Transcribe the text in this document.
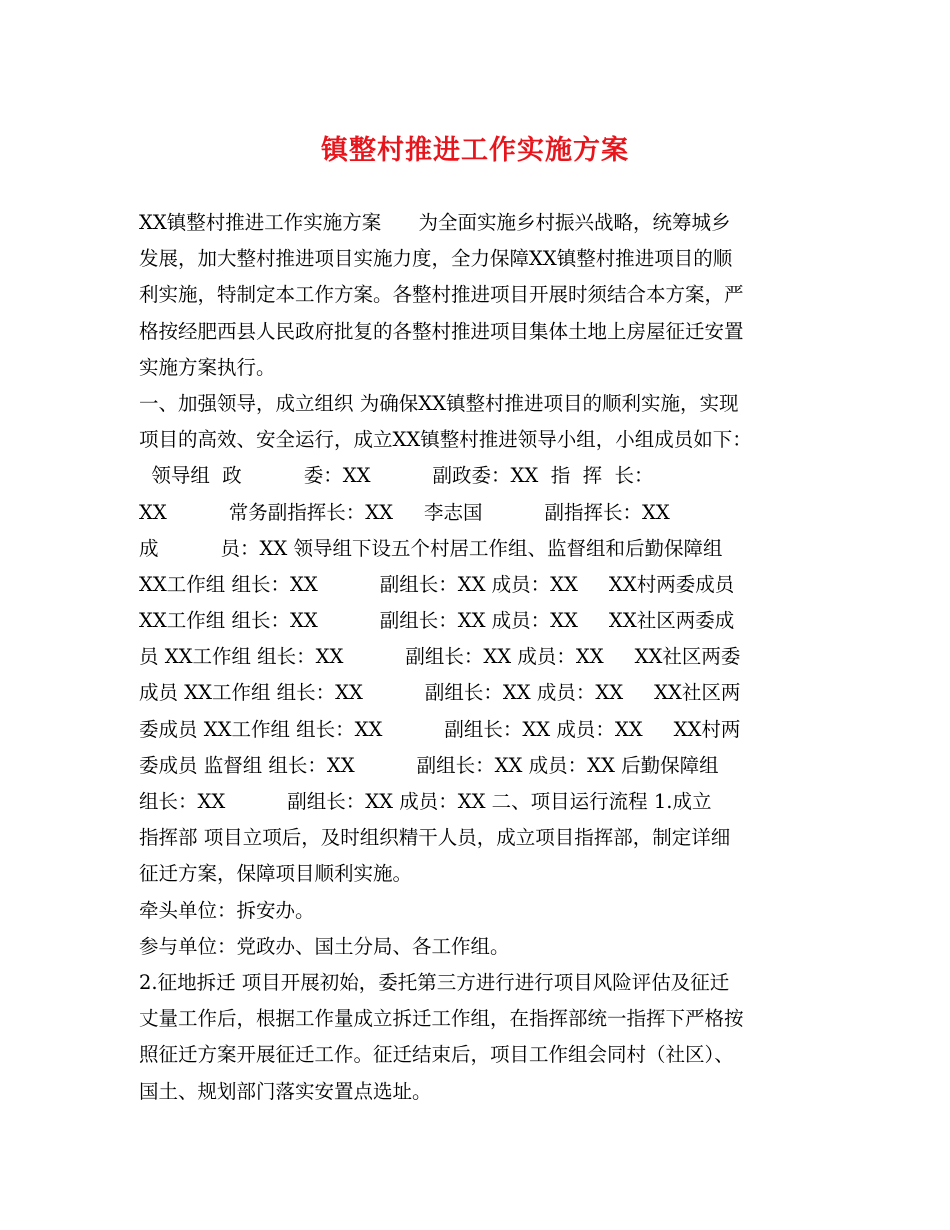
镇整村推进工作实施方案
XX镇整村推进工作实施方案      为全面实施乡村振兴战略，统筹城乡
发展，加大整村推进项目实施力度，全力保障XX镇整村推进项目的顺
利实施，特制定本工作方案。各整村推进项目开展时须结合本方案，严
格按经肥西县人民政府批复的各整村推进项目集体土地上房屋征迁安置
实施方案执行。
一、加强领导，成立组织 为确保XX镇整村推进项目的顺利实施，实现
项目的高效、安全运行，成立XX镇整村推进领导小组，小组成员如下：
领导组  政          委：XX          副政委：XX  指  挥  长：
XX          常务副指挥长：XX     李志国          副指挥长：XX
成          员：XX 领导组下设五个村居工作组、监督组和后勤保障组
XX工作组 组长：XX          副组长：XX 成员：XX     XX村两委成员
XX工作组 组长：XX          副组长：XX 成员：XX     XX社区两委成
员 XX工作组 组长：XX          副组长：XX 成员：XX     XX社区两委
成员 XX工作组 组长：XX          副组长：XX 成员：XX     XX社区两
委成员 XX工作组 组长：XX          副组长：XX 成员：XX     XX村两
委成员 监督组 组长：XX          副组长：XX 成员：XX 后勤保障组
组长：XX          副组长：XX 成员：XX 二、项目运行流程 1.成立
指挥部 项目立项后，及时组织精干人员，成立项目指挥部，制定详细
征迁方案，保障项目顺利实施。
牵头单位：拆安办。
参与单位：党政办、国土分局、各工作组。
2.征地拆迁 项目开展初始，委托第三方进行进行项目风险评估及征迁
丈量工作后，根据工作量成立拆迁工作组，在指挥部统一指挥下严格按
照征迁方案开展征迁工作。征迁结束后，项目工作组会同村（社区）、
国土、规划部门落实安置点选址。
